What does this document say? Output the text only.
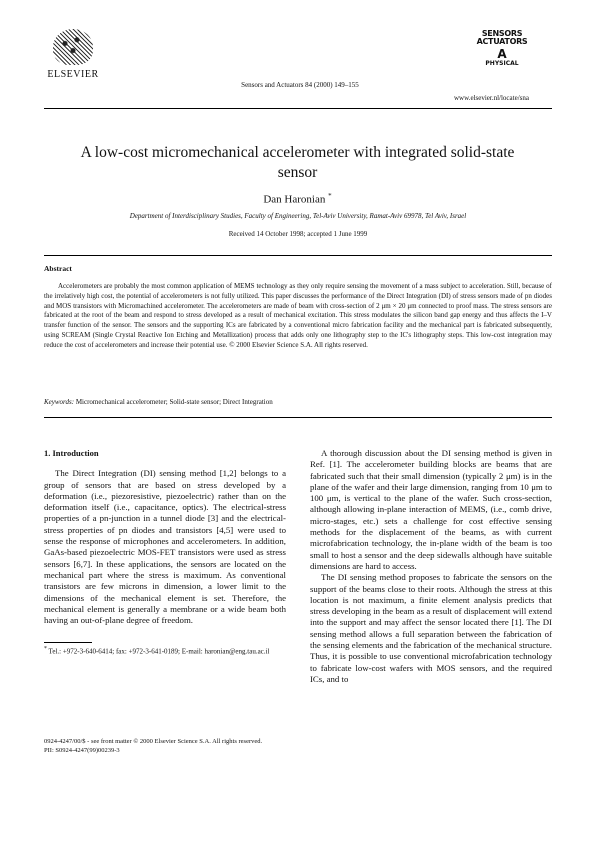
ELSEVIER
Sensors and Actuators 84 (2000) 149–155
SENSORS
ACTUATORS
A
PHYSICAL
www.elsevier.nl/locate/sna
A low-cost micromechanical accelerometer with integrated solid-state sensor
Dan Haronian *
Department of Interdisciplinary Studies, Faculty of Engineering, Tel-Aviv University, Ramat-Aviv 69978, Tel Aviv, Israel
Received 14 October 1998; accepted 1 June 1999
Abstract
Accelerometers are probably the most common application of MEMS technology as they only require sensing the movement of a mass subject to acceleration. Still, because of the irrelatively high cost, the potential of accelerometers is not fully utilized. This paper discusses the performance of the Direct Integration (DI) of stress sensors made of pn diodes and MOS transistors with Micromachined accelerometer. The accelerometers are made of beam with cross-section of 2 μm × 20 μm connected to proof mass. The stress sensors are fabricated at the root of the beam and respond to stress developed as a result of mechanical excitation. This stress modulates the silicon band gap energy and thus affects the I–V transfer function of the sensor. The sensors and the supporting ICs are fabricated by a conventional micro fabrication facility and the mechanical part is fabricated subsequently, using SCREAM (Single Crystal Reactive Ion Etching and Metallization) process that adds only one lithography step to the IC's lithography steps. This low-cost integration may reduce the cost of accelerometers and increase their potential use. © 2000 Elsevier Science S.A. All rights reserved.
Keywords: Micromechanical accelerometer; Solid-state sensor; Direct Integration
1. Introduction

The Direct Integration (DI) sensing method [1,2] belongs to a group of sensors that are based on stress developed by a deformation (i.e., piezoresistive, piezoelectric) rather than on the deformation itself (i.e., capacitance, optics). The electrical-stress properties of a pn-junction in a tunnel diode [3] and the electrical-stress properties of pn diodes and transistors [4,5] were used to sense the response of microphones and accelerometers. In addition, GaAs-based piezoelectric MOS-FET transistors were used as stress sensors [6,7]. In these applications, the sensors are located on the mechanical part where the stress is maximum. As conventional transistors are few microns in dimension, a lower limit to the dimensions of the mechanical element is set. Therefore, the mechanical element is generally a membrane or a wide beam both having an out-of-plane degree of freedom.

A thorough discussion about the DI sensing method is given in Ref. [1]. The accelerometer building blocks are beams that are fabricated such that their small dimension (typically 2 μm) is in the plane of the wafer and their large dimension, ranging from 10 μm to 100 μm, is vertical to the plane of the wafer. Such cross-section, although allowing in-plane interaction of MEMS, (i.e., comb drive, micro-stages, etc.) sets a challenge for cost effective sensing methods for the displacement of the beams, as with current microfabrication technology, the in-plane width of the beam is too small to host a sensor and the deep sidewalls although have suitable dimensions are hard to access.

The DI sensing method proposes to fabricate the sensors on the support of the beams close to their roots. Although the stress at this location is not maximum, a finite element analysis predicts that stress developing in the beam as a result of displacement will extend into the support and may affect the sensor located there [1]. The DI sensing method allows a full separation between the fabrication of the sensing elements and the fabrication of the mechanical structure. Thus, it is possible to use conventional microfabrication technology to fabricate low-cost wafers with MOS sensors, and the required ICs, and to

* Tel.: +972-3-640-6414; fax: +972-3-641-0189; E-mail: haronian@eng.tau.ac.il
0924-4247/00/$ - see front matter © 2000 Elsevier Science S.A. All rights reserved.
PII: S0924-4247(99)00239-3
